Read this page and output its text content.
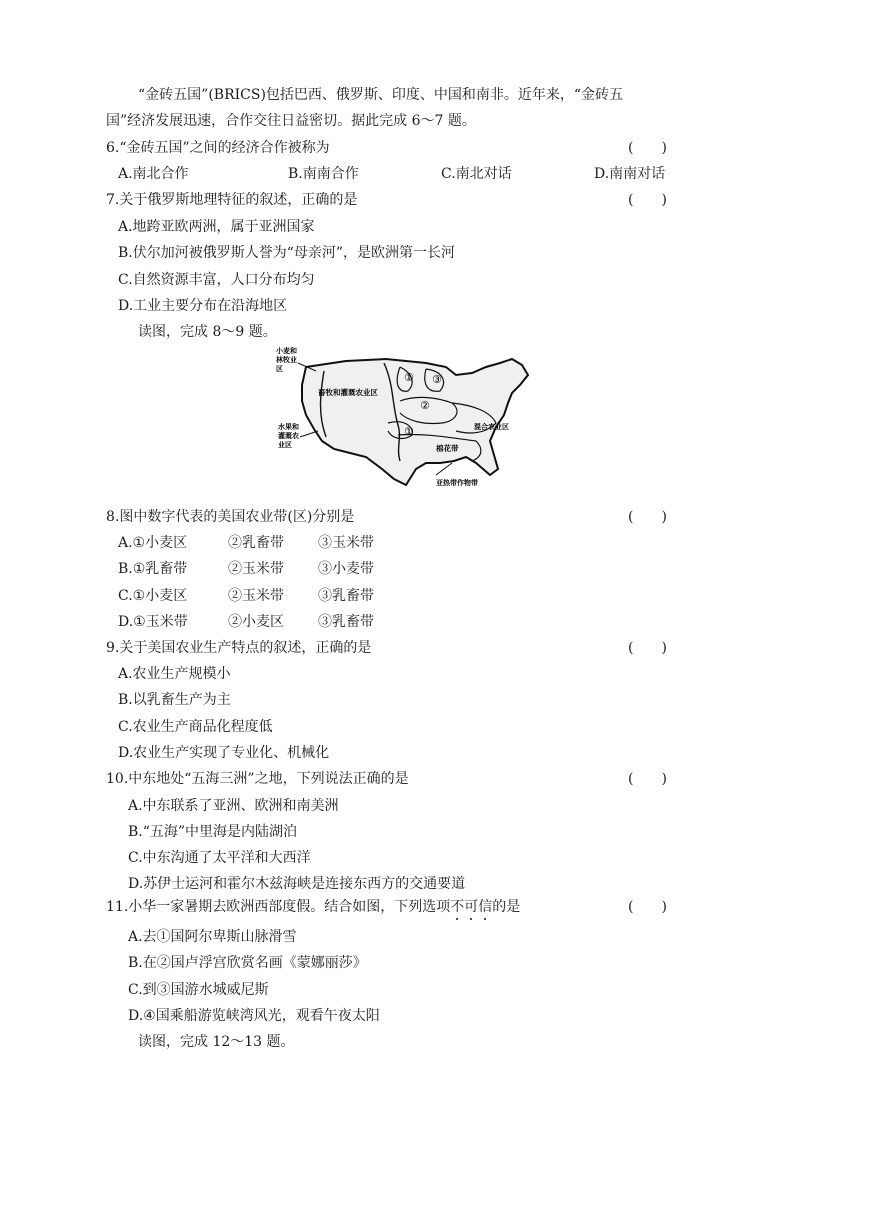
“金砖五国”(BRICS)包括巴西、俄罗斯、印度、中国和南非。近年来，“金砖五
国”经济发展迅速，合作交往日益密切。据此完成 6～7 题。
6.“金砖五国”之间的经济合作被称为	(　　)
A.南北合作	B.南南合作	C.南北对话	D.南南对话
7.关于俄罗斯地理特征的叙述，正确的是	(　　)
A.地跨亚欧两洲，属于亚洲国家
B.伏尔加河被俄罗斯人誉为“母亲河”，是欧洲第一长河
C.自然资源丰富，人口分布均匀
D.工业主要分布在沿海地区
读图，完成 8～9 题。
小麦和
林牧业
区
畜牧和灌溉农业区
水果和
灌溉农
业区
混合农业区
棉花带
亚热带作物带
① ③
②
①
8.图中数字代表的美国农业带(区)分别是	(　　)
A.①小麦区	②乳畜带 ③玉米带
B.①乳畜带	②玉米带 ③小麦带
C.①小麦区	②玉米带 ③乳畜带
D.①玉米带	②小麦区 ③乳畜带
9.关于美国农业生产特点的叙述，正确的是	(　　)
A.农业生产规模小
B.以乳畜生产为主
C.农业生产商品化程度低
D.农业生产实现了专业化、机械化
10.中东地处“五海三洲”之地，下列说法正确的是	(　　)
A.中东联系了亚洲、欧洲和南美洲
B.“五海”中里海是内陆湖泊
C.中东沟通了太平洋和大西洋
D.苏伊士运河和霍尔木兹海峡是连接东西方的交通要道
11.小华一家暑期去欧洲西部度假。结合如图，下列选项不可信的是	(　　)
A.去①国阿尔卑斯山脉滑雪
B.在②国卢浮宫欣赏名画《蒙娜丽莎》
C.到③国游水城威尼斯
D.④国乘船游览峡湾风光，观看午夜太阳
读图，完成 12～13 题。
